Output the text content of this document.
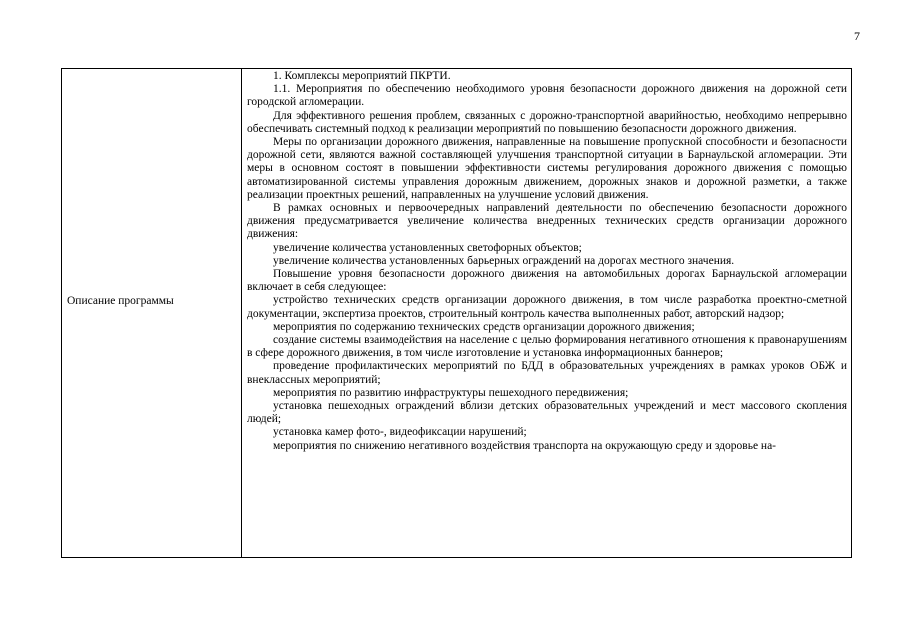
7
Описание программы

1. Комплексы мероприятий ПКРТИ.

1.1. Мероприятия по обеспечению необходимого уровня безопасности дорожного движения на дорожной сети городской агломерации.

Для эффективного решения проблем, связанных с дорожно-транспортной аварийностью, необходимо непрерывно обеспечивать системный подход к реализации мероприятий по повышению безопасности дорожного движения.

Меры по организации дорожного движения, направленные на повышение пропускной способности и безопасности дорожной сети, являются важной составляющей улучшения транспортной ситуации в Барнаульской агломерации. Эти меры в основном состоят в повышении эффективности системы регулирования дорожного движения с помощью автоматизированной системы управления дорожным движением, дорожных знаков и дорожной разметки, а также реализации проектных решений, направленных на улучшение условий движения.

В рамках основных и первоочередных направлений деятельности по обеспечению безопасности дорожного движения предусматривается увеличение количества внедренных технических средств организации дорожного движения:

увеличение количества установленных светофорных объектов;

увеличение количества установленных барьерных ограждений на дорогах местного значения.

Повышение уровня безопасности дорожного движения на автомобильных дорогах Барнаульской агломерации включает в себя следующее:

устройство технических средств организации дорожного движения, в том числе разработка проектно-сметной документации, экспертиза проектов, строительный контроль качества выполненных работ, авторский надзор;

мероприятия по содержанию технических средств организации дорожного движения;

создание системы взаимодействия на население с целью формирования негативного отношения к правонарушениям в сфере дорожного движения, в том числе изготовление и установка информационных баннеров;

проведение профилактических мероприятий по БДД в образовательных учреждениях в рамках уроков ОБЖ и внеклассных мероприятий;

мероприятия по развитию инфраструктуры пешеходного передвижения;

установка пешеходных ограждений вблизи детских образовательных учреждений и мест массового скопления людей;

установка камер фото-, видеофиксации нарушений;

мероприятия по снижению негативного воздействия транспорта на окружающую среду и здоровье на-
